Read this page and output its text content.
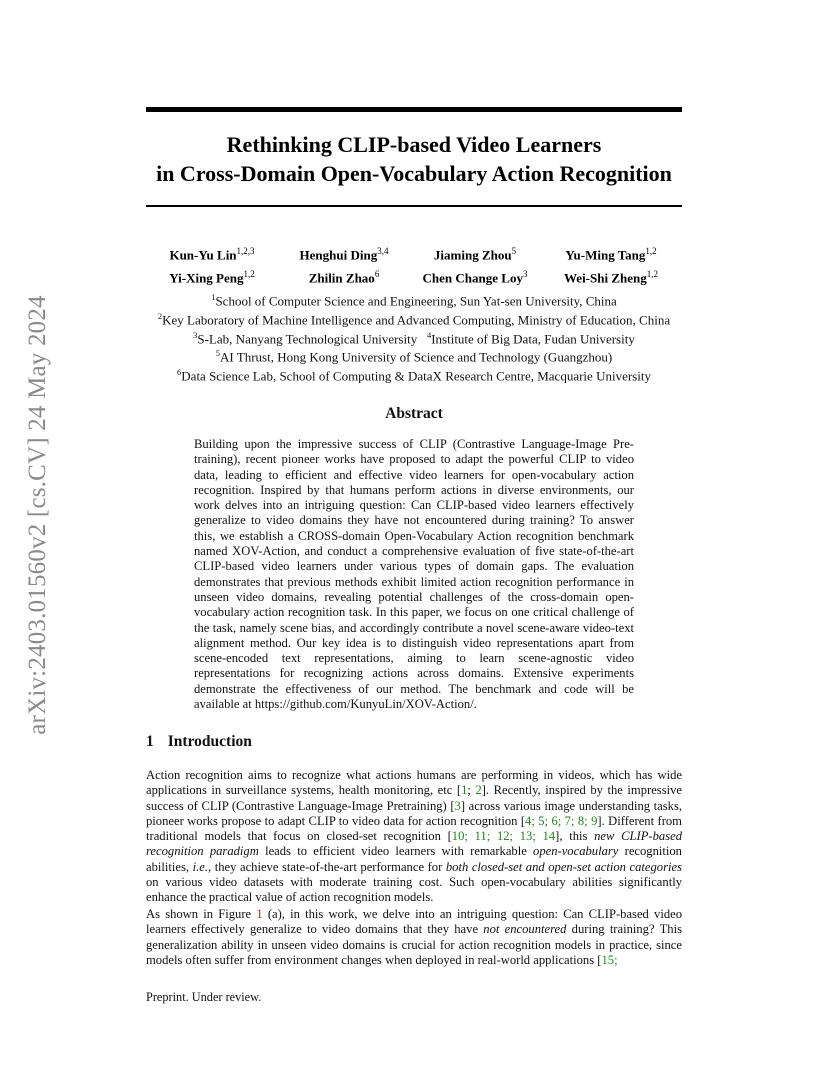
arXiv:2403.01560v2 [cs.CV] 24 May 2024
Rethinking CLIP-based Video Learners
in Cross-Domain Open-Vocabulary Action Recognition
Kun-Yu Lin$^{1,2,3}$	Henghui Ding$^{3,4}$	Jiaming Zhou$^5$	Yu-Ming Tang$^{1,2}$
Yi-Xing Peng$^{1,2}$	Zhilin Zhao$^6$	Chen Change Loy$^3$	Wei-Shi Zheng$^{1,2}$
$^1$School of Computer Science and Engineering, Sun Yat-sen University, China
$^2$Key Laboratory of Machine Intelligence and Advanced Computing, Ministry of Education, China
$^3$S-Lab, Nanyang Technological University $^4$Institute of Big Data, Fudan University
$^5$AI Thrust, Hong Kong University of Science and Technology (Guangzhou)
$^6$Data Science Lab, School of Computing & DataX Research Centre, Macquarie University
Abstract
Building upon the impressive success of CLIP (Contrastive Language-Image Pre-training), recent pioneer works have proposed to adapt the powerful CLIP to video data, leading to efficient and effective video learners for open-vocabulary action recognition. Inspired by that humans perform actions in diverse environments, our work delves into an intriguing question: Can CLIP-based video learners effectively generalize to video domains they have not encountered during training? To answer this, we establish a CROSS-domain Open-Vocabulary Action recognition benchmark named XOV-Action, and conduct a comprehensive evaluation of five state-of-the-art CLIP-based video learners under various types of domain gaps. The evaluation demonstrates that previous methods exhibit limited action recognition performance in unseen video domains, revealing potential challenges of the cross-domain open-vocabulary action recognition task. In this paper, we focus on one critical challenge of the task, namely scene bias, and accordingly contribute a novel scene-aware video-text alignment method. Our key idea is to distinguish video representations apart from scene-encoded text representations, aiming to learn scene-agnostic video representations for recognizing actions across domains. Extensive experiments demonstrate the effectiveness of our method. The benchmark and code will be available at https://github.com/KunyuLin/XOV-Action/.
1 Introduction
Action recognition aims to recognize what actions humans are performing in videos, which has wide applications in surveillance systems, health monitoring, etc [1; 2]. Recently, inspired by the impressive success of CLIP (Contrastive Language-Image Pretraining) [3] across various image understanding tasks, pioneer works propose to adapt CLIP to video data for action recognition [4; 5; 6; 7; 8; 9]. Different from traditional models that focus on closed-set recognition [10; 11; 12; 13; 14], this new CLIP-based recognition paradigm leads to efficient video learners with remarkable open-vocabulary recognition abilities, i.e., they achieve state-of-the-art performance for both closed-set and open-set action categories on various video datasets with moderate training cost. Such open-vocabulary abilities significantly enhance the practical value of action recognition models.
As shown in Figure 1 (a), in this work, we delve into an intriguing question: Can CLIP-based video learners effectively generalize to video domains that they have not encountered during training? This generalization ability in unseen video domains is crucial for action recognition models in practice, since models often suffer from environment changes when deployed in real-world applications [15;
Preprint. Under review.
